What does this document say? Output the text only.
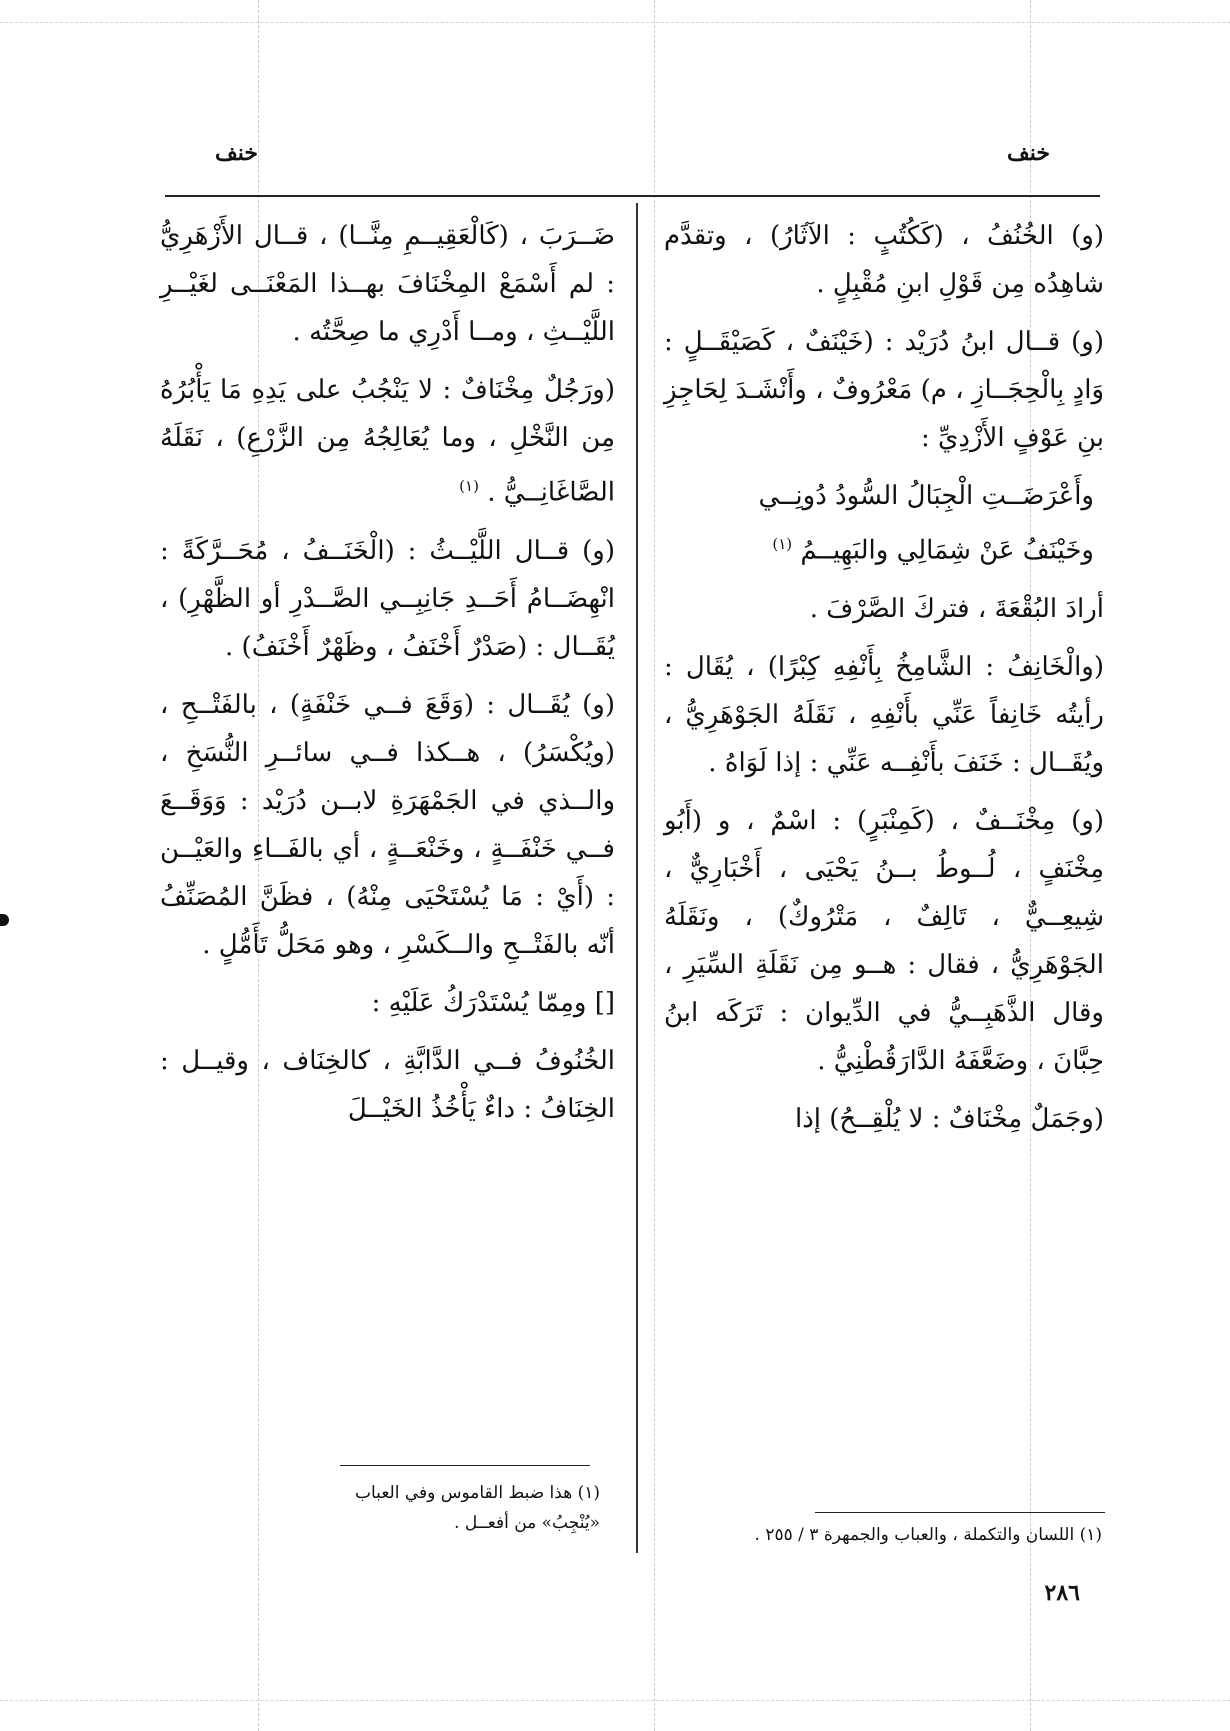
خنف
خنف

(و) الخُنُفُ ، (كَكُتُبٍ : الآثَارُ) ، وتقدَّم شاهِدُه مِن قَوْلِ ابنِ مُقْبِلٍ .

(و) قــال ابنُ دُرَيْد : (خَيْنَفٌ ، كَصَيْقَــلٍ : وَادٍ بِالْحِجَــازِ ، م) مَعْرُوفٌ ، وأَنْشَـدَ لِحَاجِزِ بنِ عَوْفٍ الأَزْدِيِّ :

وأَعْرَضَــتِ الْجِبَالُ السُّودُ دُونِــي
وخَيْنَفُ عَنْ شِمَالِي والبَهِيــمُ $^{(١)}$

أرادَ البُقْعَةَ ، فتركَ الصَّرْفَ .

(والْخَانِفُ : الشَّامِخُ بِأَنْفِهِ كِبْرًا) ، يُقَال : رأيتُه خَانِفاً عَنِّي بأَنْفِهِ ، نَقَلَهُ الجَوْهَرِيُّ ، ويُقَــال : خَنَفَ بأَنْفِــه عَنِّي : إذا لَوَاهُ .

(و) مِخْنَــفٌ ، (كَمِنْبَرٍ) : اسْمٌ ، و (أَبُو مِخْنَفٍ ، لُــوطُ بــنُ يَحْيَى ، أَخْبَارِيٌّ ، شِيعِــيٌّ ، تَالِفٌ ، مَتْرُوكٌ) ، ونَقَلَهُ الجَوْهَرِيُّ ، فقال : هــو مِن نَقَلَةِ السِّيَرِ ، وقال الذَّهَبِــيُّ في الدِّيوان : تَرَكَه ابنُ حِبَّانَ ، وضَعَّفَهُ الدَّارَقُطْنِيُّ .

(وجَمَلٌ مِخْنَافٌ : لا يُلْقِــحُ) إذا

(١) اللسان والتكملة ، والعباب والجمهرة ٣ / ٢٥٥ .

ضَــرَبَ ، (كَالْعَقِيــمِ مِنَّــا) ، قــال الأَزْهَرِيُّ : لم أَسْمَعْ المِخْنَافَ بهــذا المَعْنَــى لغَيْــرِ اللَّيْــثِ ، ومــا أَدْرِي ما صِحَّتُه .

(ورَجُلٌ مِخْنَافٌ : لا يَنْجُبُ على يَدِهِ مَا يَأْبُرُهُ مِن النَّخْلِ ، وما يُعَالِجُهُ مِن الزَّرْعِ) ، نَقَلَهُ الصَّاغَانِــيُّ . $^{(١)}$

(و) قــال اللَّيْــثُ : (الْخَنَــفُ ، مُحَــرَّكَةً : انْهِضَــامُ أَحَــدِ جَانِبِــي الصَّــدْرِ أو الظَّهْرِ) ، يُقَــال : (صَدْرٌ أَخْنَفُ ، وظَهْرٌ أَخْنَفُ) .

(و) يُقَــال : (وَقَعَ فــي خَنْفَةٍ) ، بالفَتْــحِ ، (ويُكْسَرُ) ، هــكذا فــي سائــرِ النُّسَخِ ، والــذي في الجَمْهَرَةِ لابــن دُرَيْد : وَوَقَــعَ فــي خَنْفَــةٍ ، وخَنْعَــةٍ ، أي بالفَــاءِ والعَيْــن : (أَيْ : مَا يُسْتَحْيَى مِنْهُ) ، فظَنَّ المُصَنِّفُ أنّه بالفَتْــحِ والــكَسْرِ ، وهو مَحَلُّ تَأَمُّلٍ .

[] ومِمّا يُسْتَدْرَكُ عَلَيْهِ :

الخُنُوفُ فــي الدَّابَّةِ ، كالخِنَاف ، وقيــل : الخِنَافُ : داءٌ يَأْخُذُ الخَيْــلَ

(١) هذا ضبط القاموس وفي العباب «يُنْجِبُ» من أفعــل .
٢٨٦
